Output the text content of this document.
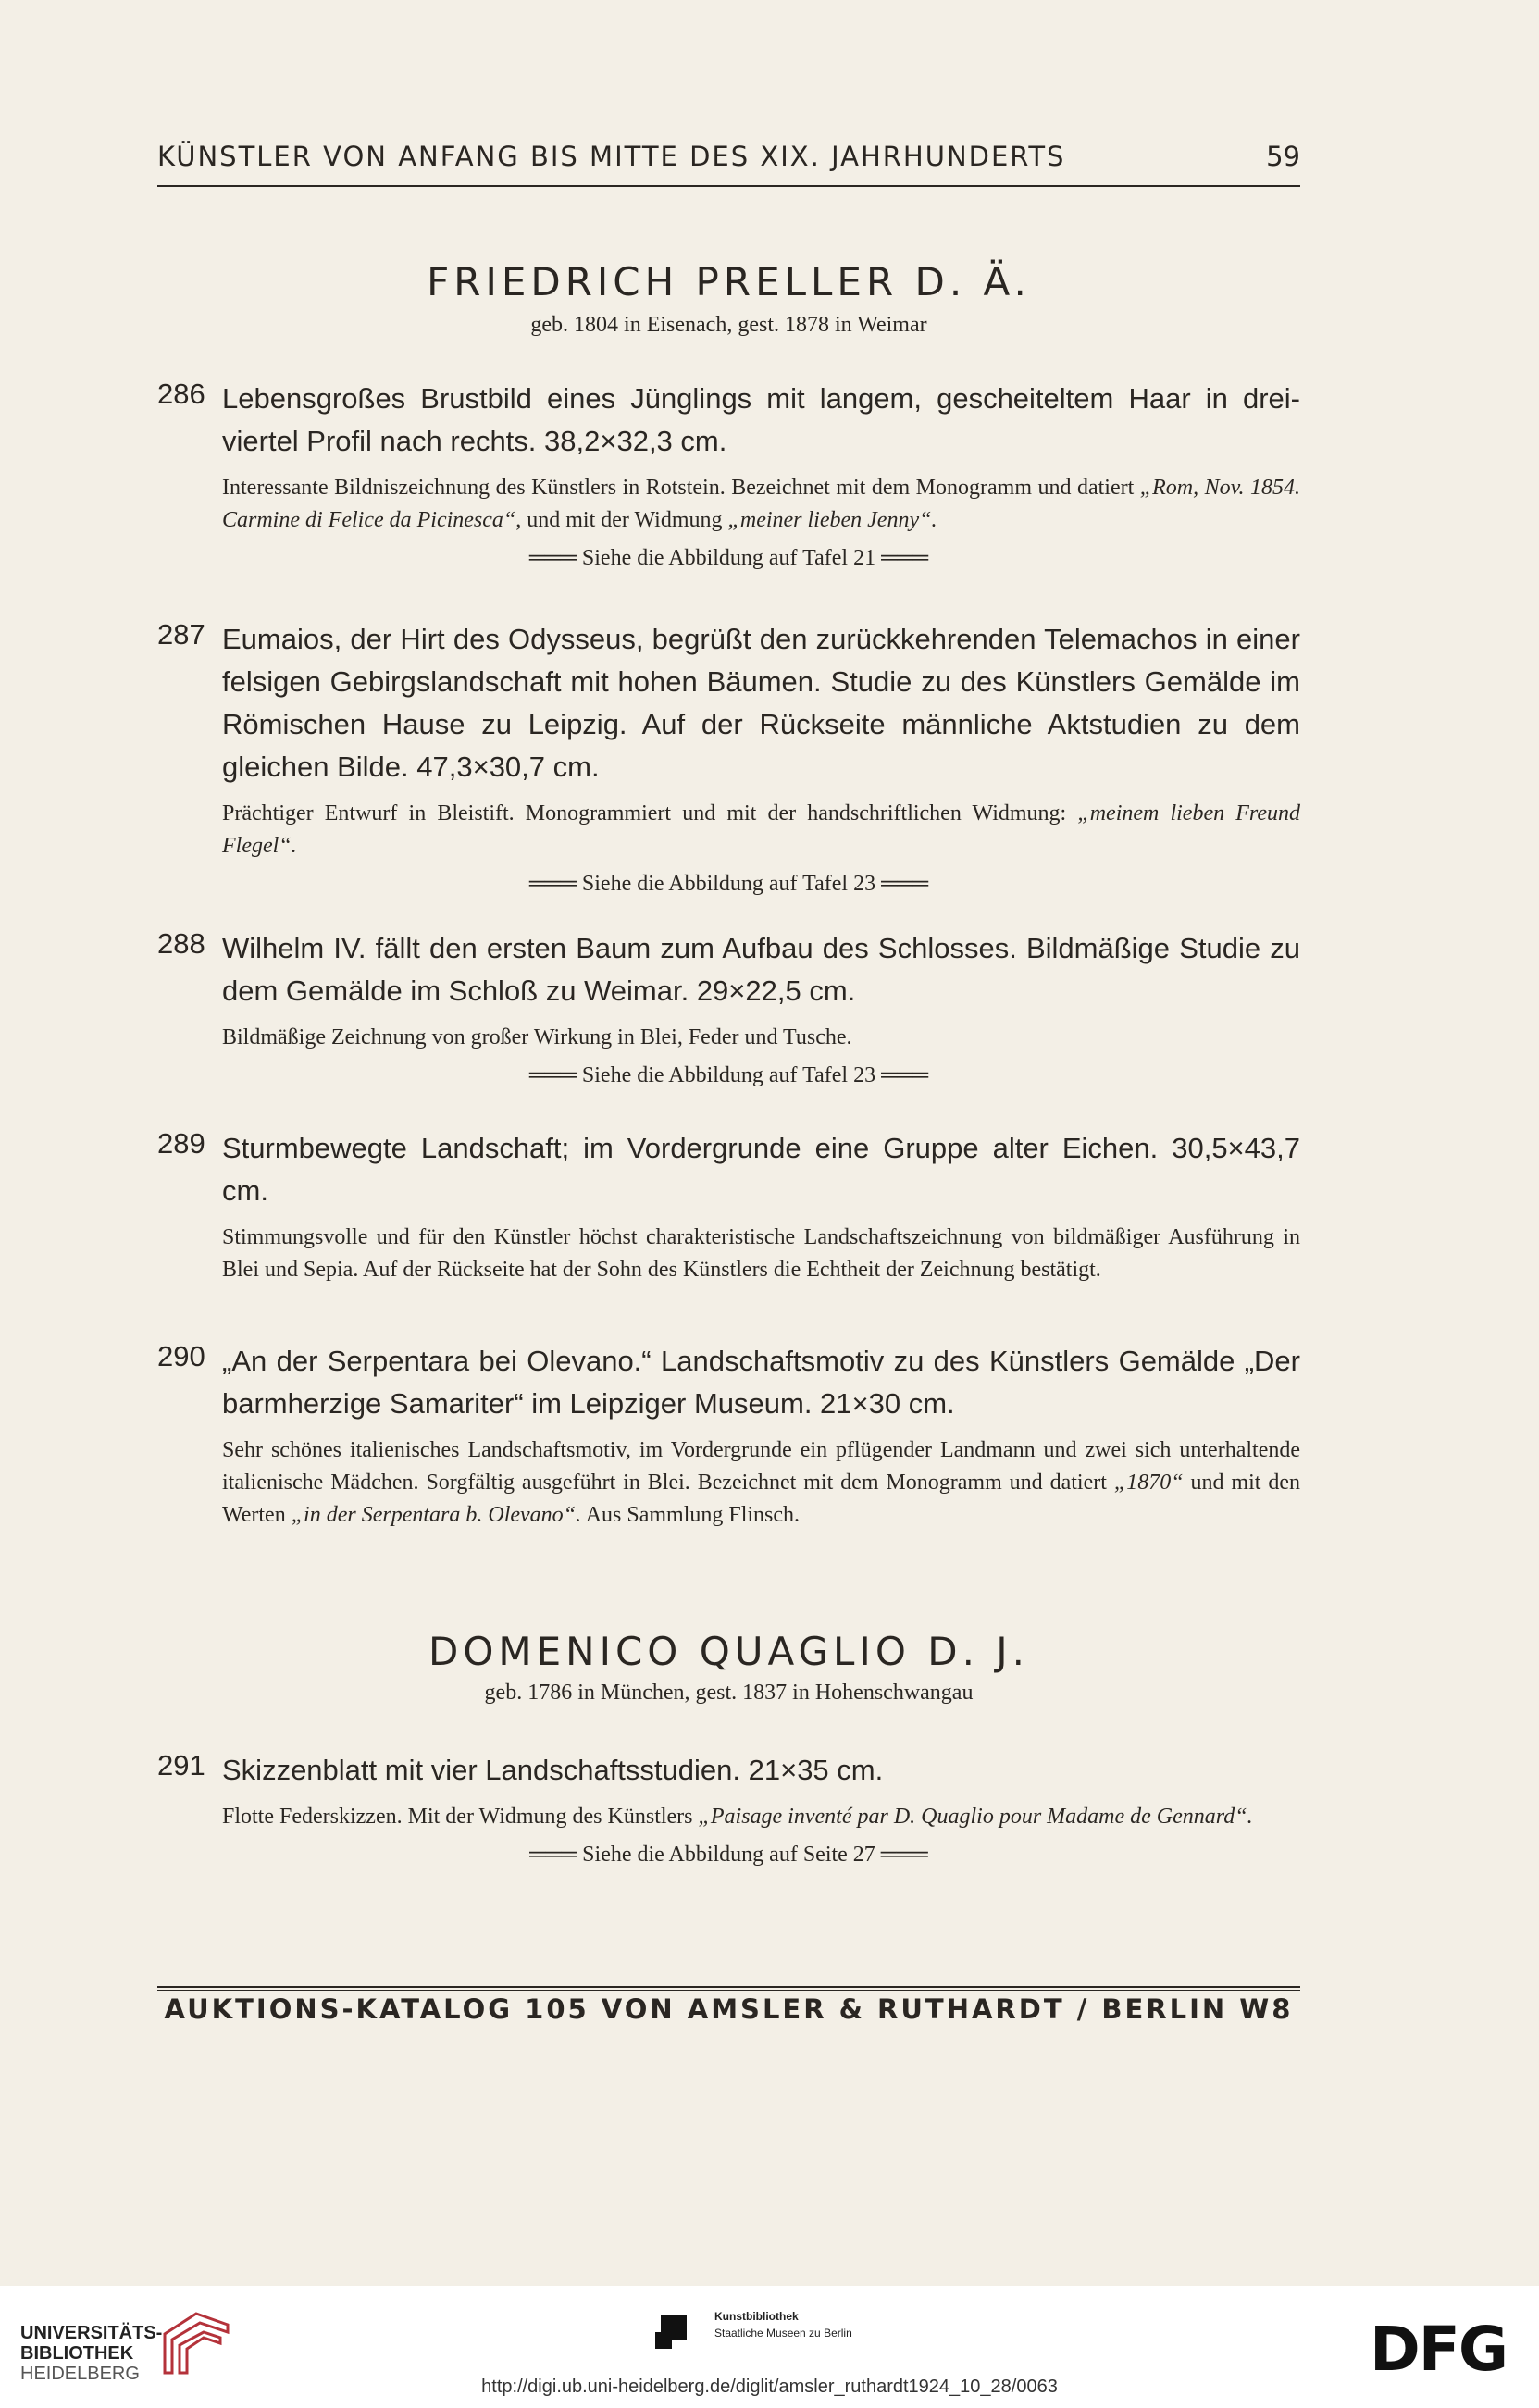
KÜNSTLER VON ANFANG BIS MITTE DES XIX. JAHRHUNDERTS	59
FRIEDRICH PRELLER D. Ä.
geb. 1804 in Eisenach, gest. 1878 in Weimar
286 Lebensgroßes Brustbild eines Jünglings mit langem, gescheiteltem Haar in dreiviertel Profil nach rechts. 38,2×32,3 cm.
Interessante Bildniszeichnung des Künstlers in Rotstein. Bezeichnet mit dem Monogramm und datiert „Rom, Nov. 1854. Carmine di Felice da Picinesca“, und mit der Widmung „meiner lieben Jenny“.
═══ Siehe die Abbildung auf Tafel 21 ═══
287 Eumaios, der Hirt des Odysseus, begrüßt den zurückkehrenden Telemachos in einer felsigen Gebirgslandschaft mit hohen Bäumen. Studie zu des Künstlers Gemälde im Römischen Hause zu Leipzig. Auf der Rückseite männliche Aktstudien zu dem gleichen Bilde. 47,3×30,7 cm.
Prächtiger Entwurf in Bleistift. Monogrammiert und mit der handschriftlichen Widmung: „meinem lieben Freund Flegel“.
═══ Siehe die Abbildung auf Tafel 23 ═══
288 Wilhelm IV. fällt den ersten Baum zum Aufbau des Schlosses. Bildmäßige Studie zu dem Gemälde im Schloß zu Weimar. 29×22,5 cm.
Bildmäßige Zeichnung von großer Wirkung in Blei, Feder und Tusche.
═══ Siehe die Abbildung auf Tafel 23 ═══
289 Sturmbewegte Landschaft; im Vordergrunde eine Gruppe alter Eichen. 30,5×43,7 cm.
Stimmungsvolle und für den Künstler höchst charakteristische Landschaftszeichnung von bildmäßiger Ausführung in Blei und Sepia. Auf der Rückseite hat der Sohn des Künstlers die Echtheit der Zeichnung bestätigt.
290 „An der Serpentara bei Olevano.“ Landschaftsmotiv zu des Künstlers Gemälde „Der barmherzige Samariter“ im Leipziger Museum. 21×30 cm.
Sehr schönes italienisches Landschaftsmotiv, im Vordergrunde ein pflügender Landmann und zwei sich unterhaltende italienische Mädchen. Sorgfältig ausgeführt in Blei. Bezeichnet mit dem Monogramm und datiert „1870“ und mit den Werten „in der Serpentara b. Olevano“. Aus Sammlung Flinsch.
DOMENICO QUAGLIO D. J.
geb. 1786 in München, gest. 1837 in Hohenschwangau
291 Skizzenblatt mit vier Landschaftsstudien. 21×35 cm.
Flotte Federskizzen. Mit der Widmung des Künstlers „Paisage inventé par D. Quaglio pour Madame de Gennard“.
═══ Siehe die Abbildung auf Seite 27 ═══
AUKTIONS-KATALOG 105 VON AMSLER & RUTHARDT / BERLIN W8
UNIVERSITÄTS-
BIBLIOTHEK
HEIDELBERG
Kunstbibliothek
Staatliche Museen zu Berlin	DFG
http://digi.ub.uni-heidelberg.de/diglit/amsler_ruthardt1924_10_28/0063
